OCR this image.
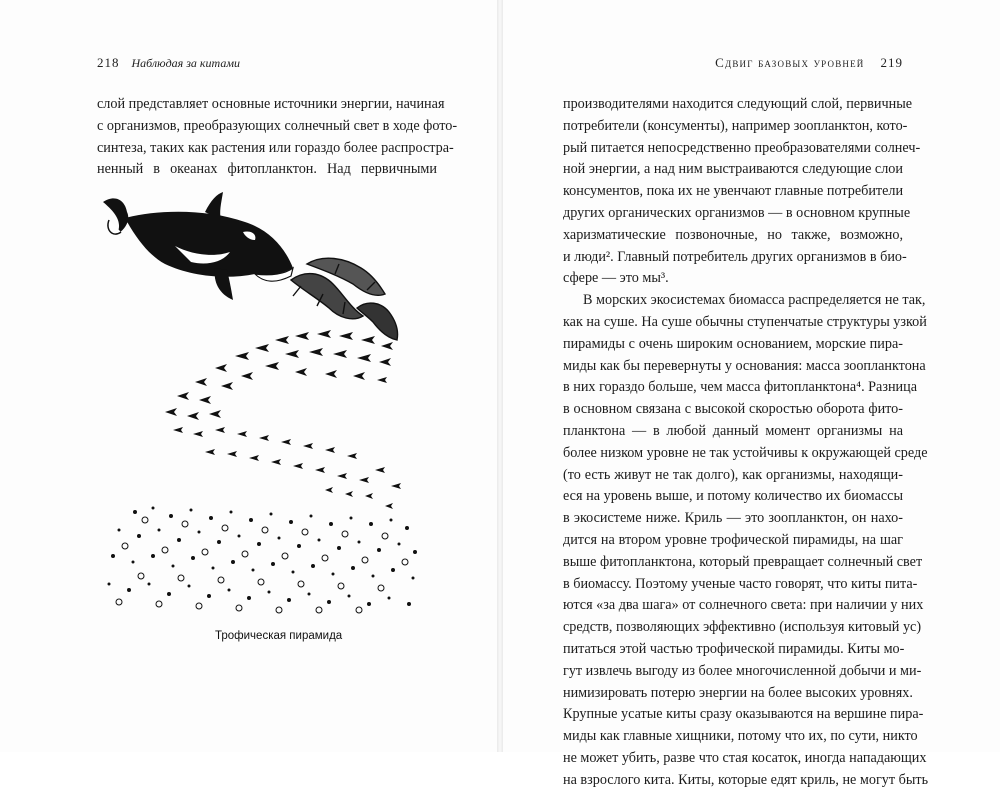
218 Наблюдая за китами
слой представляет основные источники энергии, начиная
с организмов, преобразующих солнечный свет в ходе фото-
синтеза, таких как растения или гораздо более распростра-
ненный в океанах фитопланктон. Над первичными
Трофическая пирамида
Сдвиг базовых уровней 219
производителями находится следующий слой, первичные
потребители (консументы), например зоопланктон, кото-
рый питается непосредственно преобразователями солнеч-
ной энергии, а над ним выстраиваются следующие слои
консументов, пока их не увенчают главные потребители
других органических организмов — в основном крупные
харизматические позвоночные, но также, возможно,
и люди². Главный потребитель других организмов в био-
сфере — это мы³.
В морских экосистемах биомасса распределяется не так,
как на суше. На суше обычны ступенчатые структуры узкой
пирамиды с очень широким основанием, морские пира-
миды как бы перевернуты у основания: масса зоопланктона
в них гораздо больше, чем масса фитопланктона⁴. Разница
в основном связана с высокой скоростью оборота фито-
планктона — в любой данный момент организмы на
более низком уровне не так устойчивы к окружающей среде
(то есть живут не так долго), как организмы, находящи-
еся на уровень выше, и потому количество их биомассы
в экосистеме ниже. Криль — это зоопланктон, он нахо-
дится на втором уровне трофической пирамиды, на шаг
выше фитопланктона, который превращает солнечный свет
в биомассу. Поэтому ученые часто говорят, что киты пита-
ются «за два шага» от солнечного света: при наличии у них
средств, позволяющих эффективно (используя китовый ус)
питаться этой частью трофической пирамиды. Киты мо-
гут извлечь выгоду из более многочисленной добычи и ми-
нимизировать потерю энергии на более высоких уровнях.
Крупные усатые киты сразу оказываются на вершине пира-
миды как главные хищники, потому что их, по сути, никто
не может убить, разве что стая косаток, иногда нападающих
на взрослого кита. Киты, которые едят криль, не могут быть
